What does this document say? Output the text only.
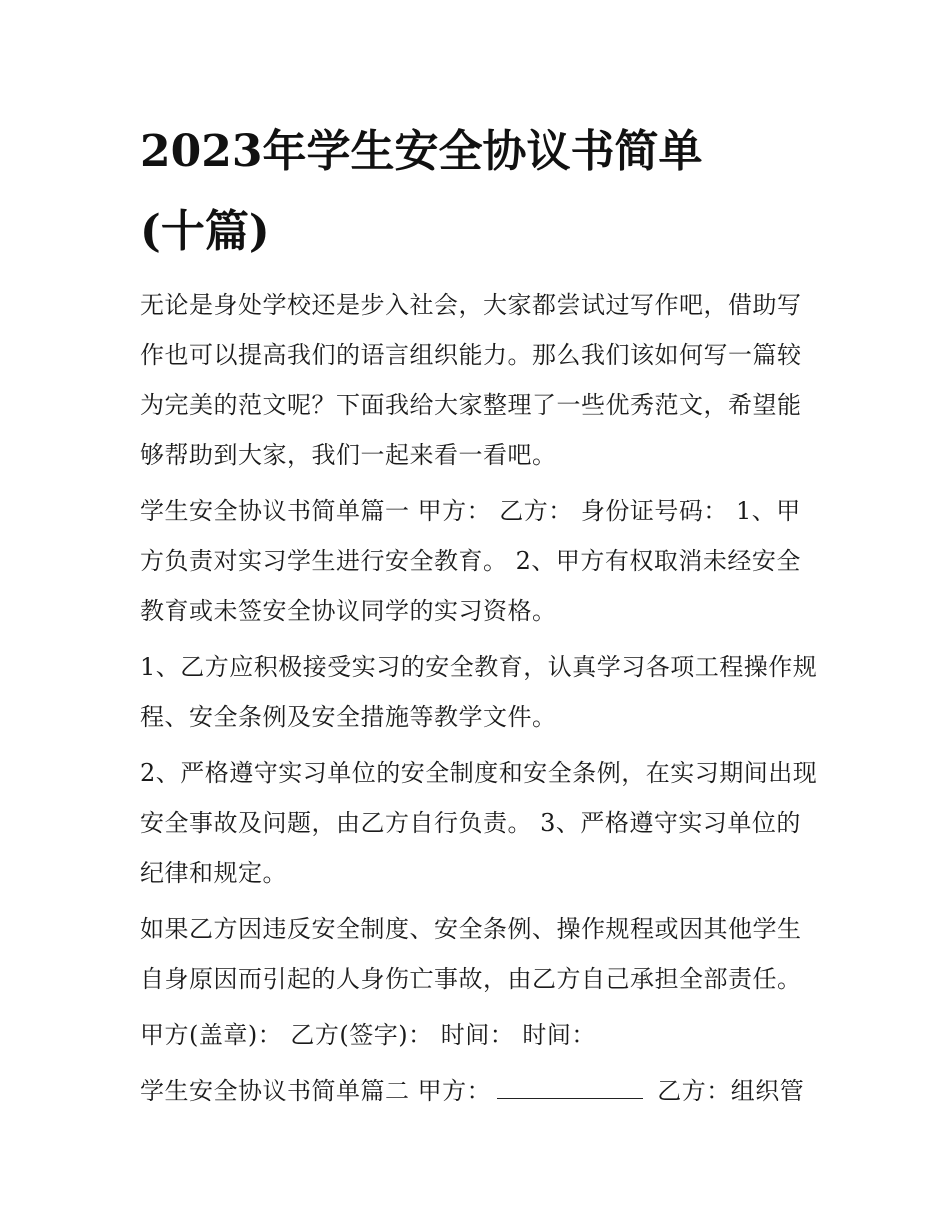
2023年学生安全协议书简单
(十篇)

无论是身处学校还是步入社会，大家都尝试过写作吧，借助写作也可以提高我们的语言组织能力。那么我们该如何写一篇较为完美的范文呢？下面我给大家整理了一些优秀范文，希望能够帮助到大家，我们一起来看一看吧。

学生安全协议书简单篇一 甲方： 乙方： 身份证号码： 1、甲方负责对实习学生进行安全教育。 2、甲方有权取消未经安全教育或未签安全协议同学的实习资格。

1、乙方应积极接受实习的安全教育，认真学习各项工程操作规程、安全条例及安全措施等教学文件。

2、严格遵守实习单位的安全制度和安全条例，在实习期间出现安全事故及问题，由乙方自行负责。 3、严格遵守实习单位的纪律和规定。

如果乙方因违反安全制度、安全条例、操作规程或因其他学生自身原因而引起的人身伤亡事故，由乙方自己承担全部责任。

甲方(盖章)： 乙方(签字)： 时间： 时间：

学生安全协议书简单篇二 甲方：	乙方：组织管
